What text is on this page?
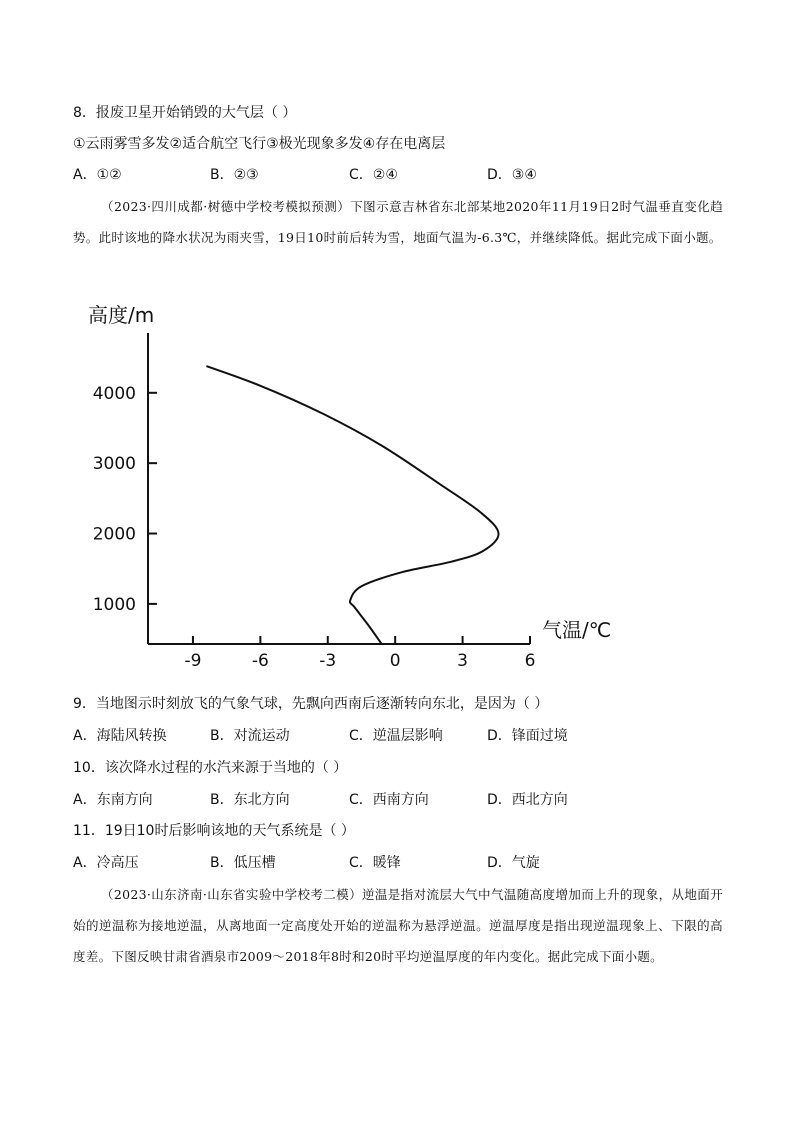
8．报废卫星开始销毁的大气层（ ）
①云雨雾雪多发②适合航空飞行③极光现象多发④存在电离层
A．①②	B．②③	C．②④	D．③④
（2023·四川成都·树德中学校考模拟预测）下图示意吉林省东北部某地2020年11月19日2时气温垂直变化趋势。此时该地的降水状况为雨夹雪，19日10时前后转为雪，地面气温为-6.3℃，并继续降低。据此完成下面小题。
高度/m
气温/℃
-9	-6	-3	0	3	6
1000
2000
3000
4000
9．当地图示时刻放飞的气象气球，先飘向西南后逐渐转向东北，是因为（ ）
A．海陆风转换	B．对流运动	C．逆温层影响	D．锋面过境
10．该次降水过程的水汽来源于当地的（ ）
A．东南方向	B．东北方向	C．西南方向	D．西北方向
11．19日10时后影响该地的天气系统是（ ）
A．冷高压	B．低压槽	C．暖锋	D．气旋
（2023·山东济南·山东省实验中学校考二模）逆温是指对流层大气中气温随高度增加而上升的现象，从地面开始的逆温称为接地逆温，从离地面一定高度处开始的逆温称为悬浮逆温。逆温厚度是指出现逆温现象上、下限的高度差。下图反映甘肃省酒泉市2009～2018年8时和20时平均逆温厚度的年内变化。据此完成下面小题。
